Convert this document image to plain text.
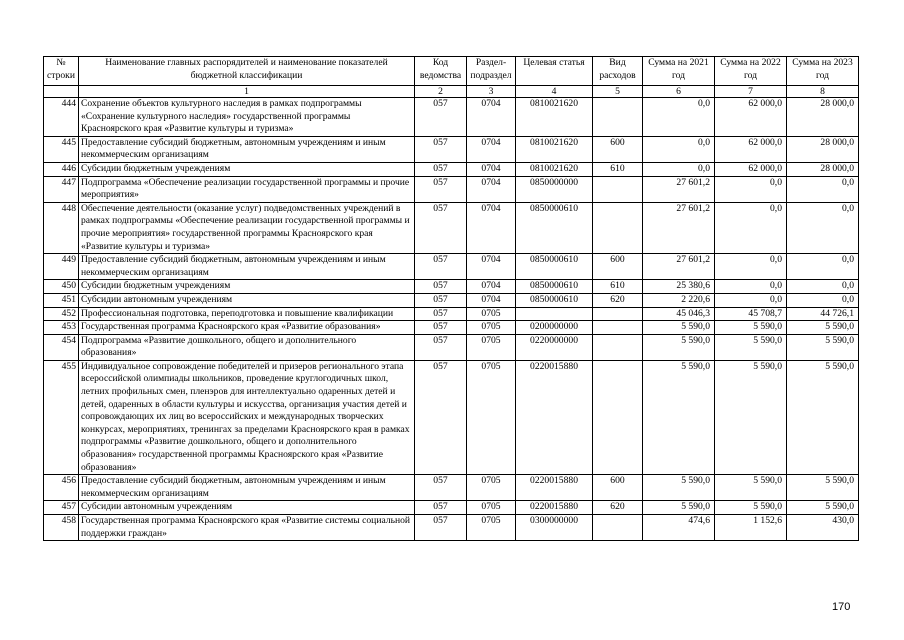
№ строки	Наименование главных распорядителей и наименование показателей бюджетной классификации	Код ведомства	Раздел-подраздел	Целевая статья	Вид расходов	Сумма на 2021 год	Сумма на 2022 год	Сумма на 2023 год
	1	2	3	4	5	6	7	8
444	Сохранение объектов культурного наследия в рамках подпрограммы «Сохранение культурного наследия» государственной программы Красноярского края «Развитие культуры и туризма»	057	0704	0810021620		0,0	62 000,0	28 000,0
445	Предоставление субсидий бюджетным, автономным учреждениям и иным некоммерческим организациям	057	0704	0810021620	600	0,0	62 000,0	28 000,0
446	Субсидии бюджетным учреждениям	057	0704	0810021620	610	0,0	62 000,0	28 000,0
447	Подпрограмма «Обеспечение реализации государственной программы и прочие мероприятия»	057	0704	0850000000		27 601,2	0,0	0,0
448	Обеспечение деятельности (оказание услуг) подведомственных учреждений в рамках подпрограммы «Обеспечение реализации государственной программы и прочие мероприятия» государственной программы Красноярского края «Развитие культуры и туризма»	057	0704	0850000610		27 601,2	0,0	0,0
449	Предоставление субсидий бюджетным, автономным учреждениям и иным некоммерческим организациям	057	0704	0850000610	600	27 601,2	0,0	0,0
450	Субсидии бюджетным учреждениям	057	0704	0850000610	610	25 380,6	0,0	0,0
451	Субсидии автономным учреждениям	057	0704	0850000610	620	2 220,6	0,0	0,0
452	Профессиональная подготовка, переподготовка и повышение квалификации	057	0705			45 046,3	45 708,7	44 726,1
453	Государственная программа Красноярского края «Развитие образования»	057	0705	0200000000		5 590,0	5 590,0	5 590,0
454	Подпрограмма «Развитие дошкольного, общего и дополнительного образования»	057	0705	0220000000		5 590,0	5 590,0	5 590,0
455	Индивидуальное сопровождение победителей и призеров регионального этапа всероссийской олимпиады школьников, проведение круглогодичных школ, летних профильных смен, пленэров для интеллектуально одаренных детей и детей, одаренных в области культуры и искусства, организация участия детей и сопровождающих их лиц во всероссийских и международных творческих конкурсах, мероприятиях, тренингах за пределами Красноярского края в рамках подпрограммы «Развитие дошкольного, общего и дополнительного образования» государственной программы Красноярского края «Развитие образования»	057	0705	0220015880		5 590,0	5 590,0	5 590,0
456	Предоставление субсидий бюджетным, автономным учреждениям и иным некоммерческим организациям	057	0705	0220015880	600	5 590,0	5 590,0	5 590,0
457	Субсидии автономным учреждениям	057	0705	0220015880	620	5 590,0	5 590,0	5 590,0
458	Государственная программа Красноярского края «Развитие системы социальной поддержки граждан»	057	0705	0300000000		474,6	1 152,6	430,0
170
